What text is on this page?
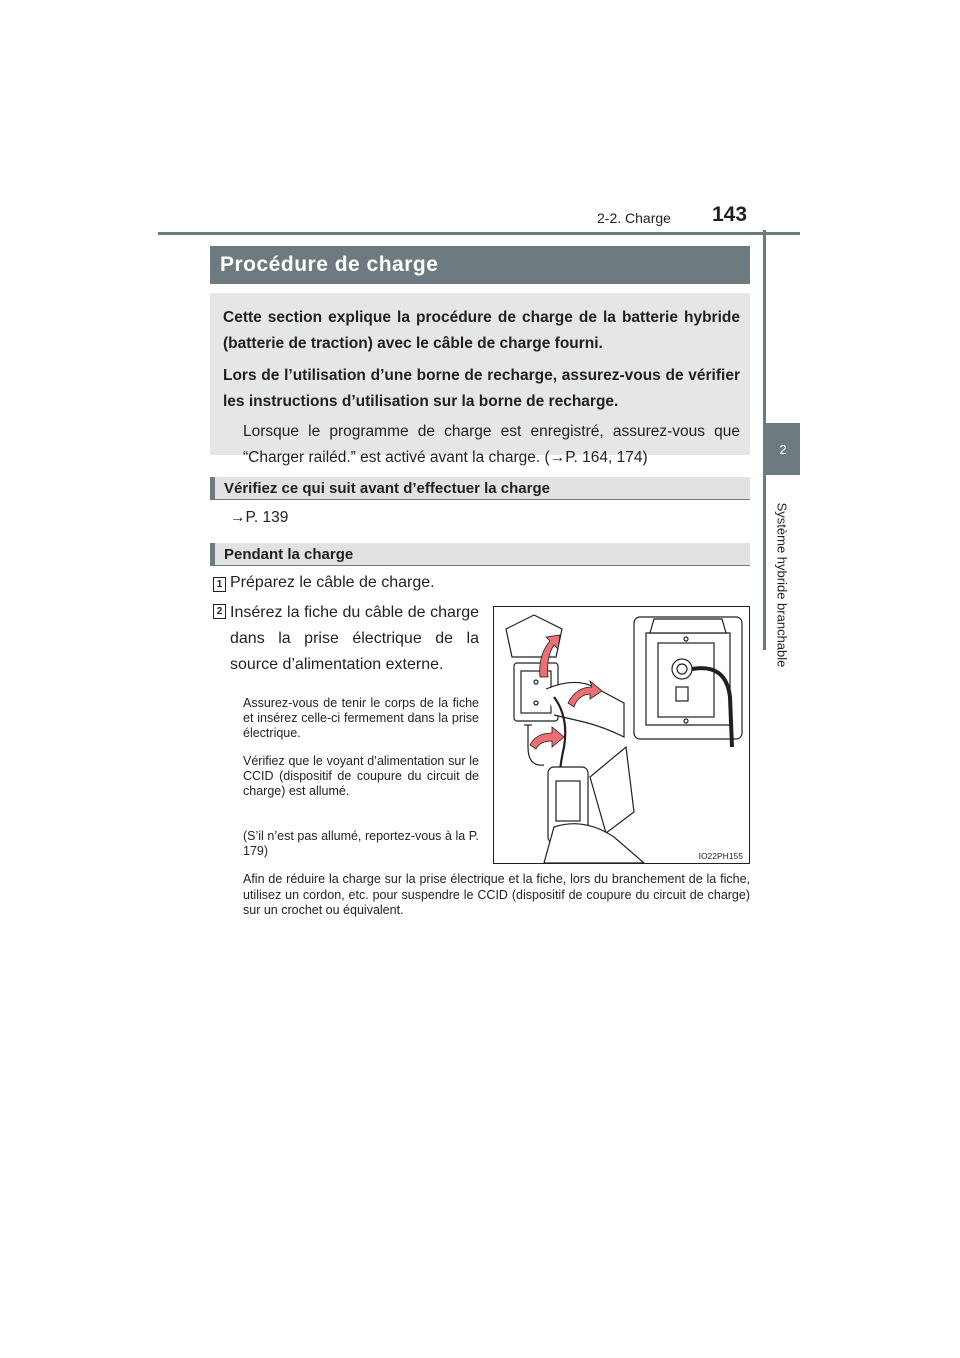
2-2. Charge 143
2
Système hybride branchable
Procédure de charge

Cette section explique la procédure de charge de la batterie hybride (batterie de traction) avec le câble de charge fourni.

Lors de l’utilisation d’une borne de recharge, assurez-vous de vérifier les instructions d’utilisation sur la borne de recharge.

Lorsque le programme de charge est enregistré, assurez-vous que “Charger railéd.” est activé avant la charge. (→P. 164, 174)

Vérifiez ce qui suit avant d’effectuer la charge
→P. 139
Pendant la charge
1 Préparez le câble de charge.
2 Insérez la fiche du câble de charge dans la prise électrique de la source d’alimentation externe.
Assurez-vous de tenir le corps de la fiche et insérez celle-ci fermement dans la prise électrique.
Vérifiez que le voyant d’alimentation sur le CCID (dispositif de coupure du circuit de charge) est allumé.
(S’il n’est pas allumé, reportez-vous à la P. 179)
Afin de réduire la charge sur la prise électrique et la fiche, lors du branchement de la fiche, utilisez un cordon, etc. pour suspendre le CCID (dispositif de coupure du circuit de charge) sur un crochet ou équivalent.
IO22PH155
